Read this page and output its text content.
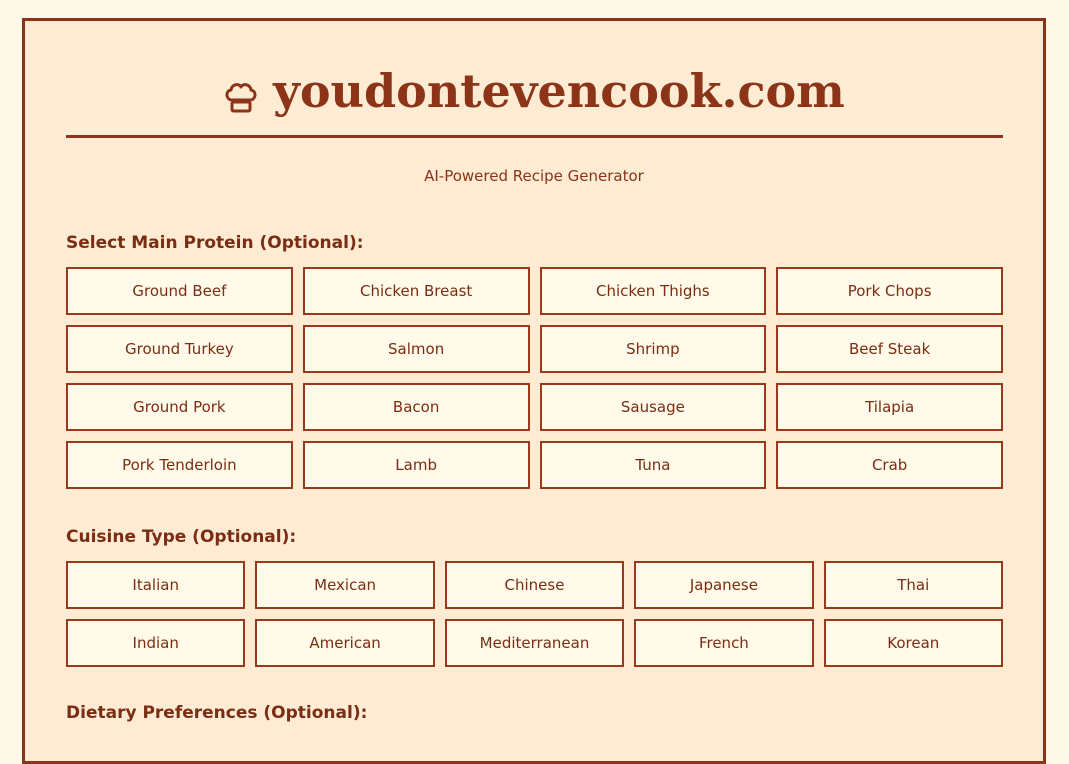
youdontevencook.com
AI-Powered Recipe Generator
Select Main Protein (Optional):
Ground Beef	Chicken Breast	Chicken Thighs	Pork Chops
Ground Turkey	Salmon	Shrimp	Beef Steak
Ground Pork	Bacon	Sausage	Tilapia
Pork Tenderloin	Lamb	Tuna	Crab
Cuisine Type (Optional):
Italian	Mexican	Chinese	Japanese	Thai
Indian	American	Mediterranean	French	Korean
Dietary Preferences (Optional):
